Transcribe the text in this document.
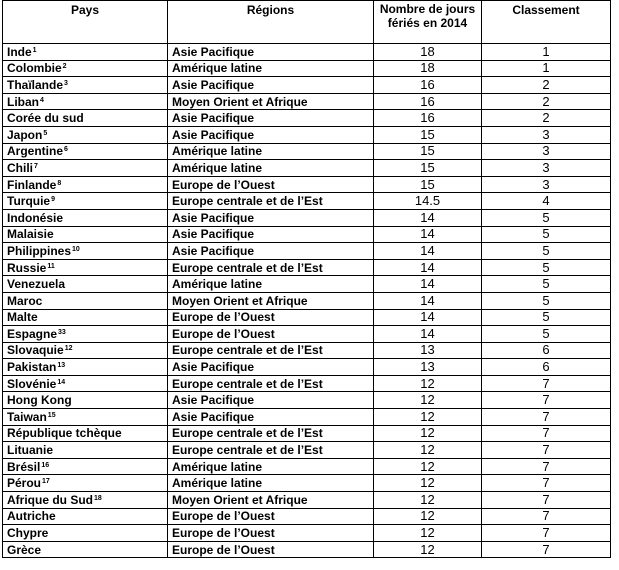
Pays	Régions	Nombre de jours fériés en 2014	Classement
Inde$^1$	Asie Pacifique	18	1
Colombie$^2$	Amérique latine	18	1
Thaïlande$^3$	Asie Pacifique	16	2
Liban$^4$	Moyen Orient et Afrique	16	2
Corée du sud	Asie Pacifique	16	2
Japon$^5$	Asie Pacifique	15	3
Argentine$^6$	Amérique latine	15	3
Chili$^7$	Amérique latine	15	3
Finlande$^8$	Europe de l’Ouest	15	3
Turquie$^9$	Europe centrale et de l’Est	14.5	4
Indonésie	Asie Pacifique	14	5
Malaisie	Asie Pacifique	14	5
Philippines$^{10}$	Asie Pacifique	14	5
Russie$^{11}$	Europe centrale et de l’Est	14	5
Venezuela	Amérique latine	14	5
Maroc	Moyen Orient et Afrique	14	5
Malte	Europe de l’Ouest	14	5
Espagne$^{33}$	Europe de l’Ouest	14	5
Slovaquie$^{12}$	Europe centrale et de l’Est	13	6
Pakistan$^{13}$	Asie Pacifique	13	6
Slovénie$^{14}$	Europe centrale et de l’Est	12	7
Hong Kong	Asie Pacifique	12	7
Taiwan$^{15}$	Asie Pacifique	12	7
République tchèque	Europe centrale et de l’Est	12	7
Lituanie	Europe centrale et de l’Est	12	7
Brésil$^{16}$	Amérique latine	12	7
Pérou$^{17}$	Amérique latine	12	7
Afrique du Sud$^{18}$	Moyen Orient et Afrique	12	7
Autriche	Europe de l’Ouest	12	7
Chypre	Europe de l’Ouest	12	7
Grèce	Europe de l’Ouest	12	7
